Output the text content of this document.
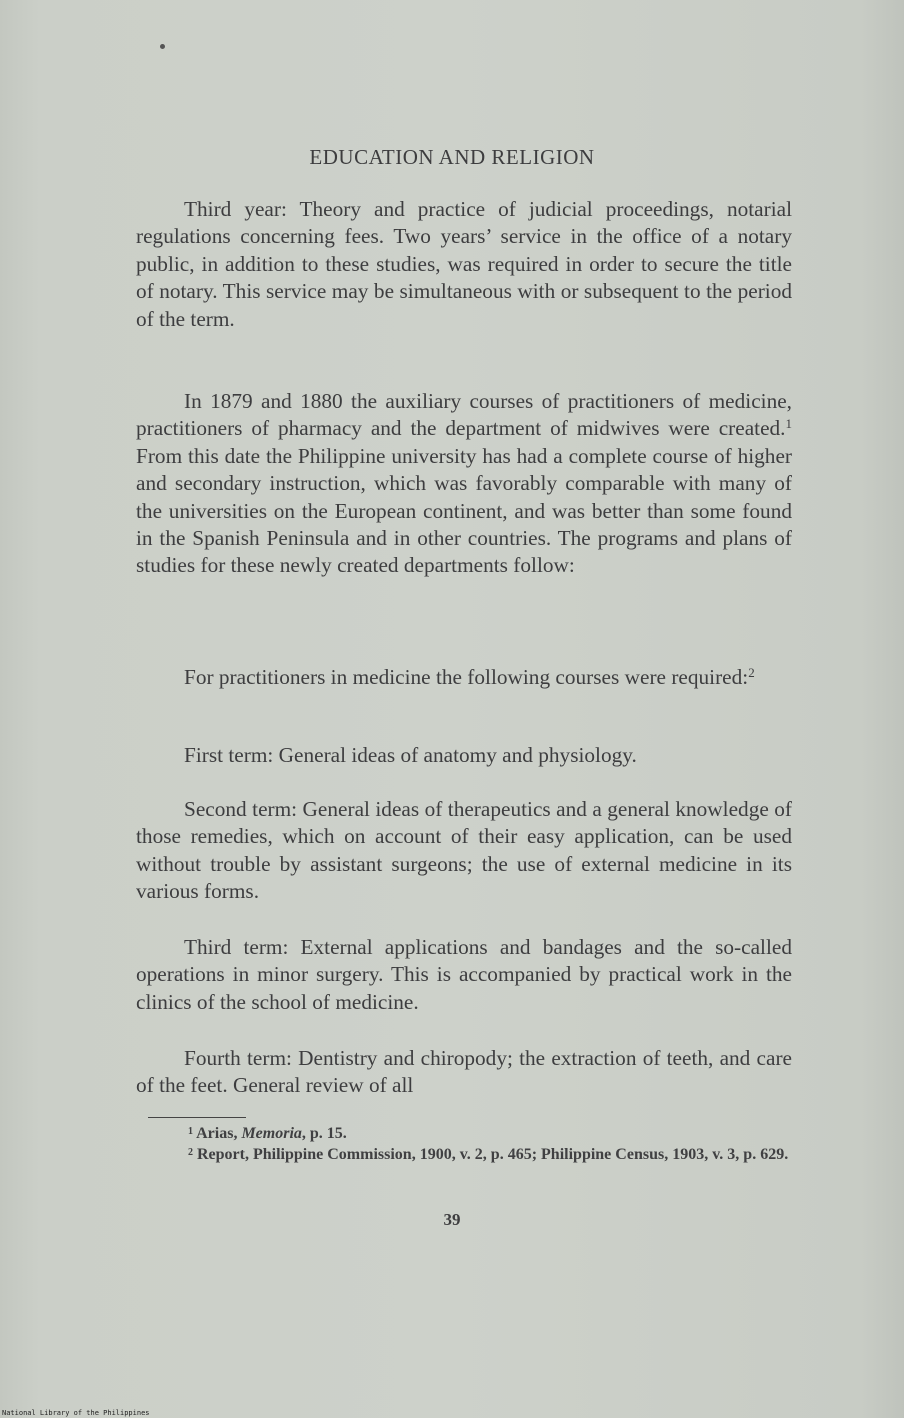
EDUCATION AND RELIGION

Third year: Theory and practice of judicial proceedings, notarial regulations concerning fees. Two years’ service in the office of a notary public, in addition to these studies, was required in order to secure the title of notary. This service may be simultaneous with or subsequent to the period of the term.

In 1879 and 1880 the auxiliary courses of practitioners of medicine, practitioners of pharmacy and the department of midwives were created.$^1$ From this date the Philippine university has had a complete course of higher and secondary instruction, which was favorably comparable with many of the universities on the European continent, and was better than some found in the Spanish Peninsula and in other countries. The programs and plans of studies for these newly created departments follow:

For practitioners in medicine the following courses were required:$^2$

First term: General ideas of anatomy and physiology.

Second term: General ideas of therapeutics and a general knowledge of those remedies, which on account of their easy application, can be used without trouble by assistant surgeons; the use of external medicine in its various forms.

Third term: External applications and bandages and the so-called operations in minor surgery. This is accompanied by practical work in the clinics of the school of medicine.

Fourth term: Dentistry and chiropody; the extraction of teeth, and care of the feet. General review of all

$^1$ Arias, Memoria, p. 15.

$^2$ Report, Philippine Commission, 1900, v. 2, p. 465; Philippine Census, 1903, v. 3, p. 629.

39
National Library of the Philippines
